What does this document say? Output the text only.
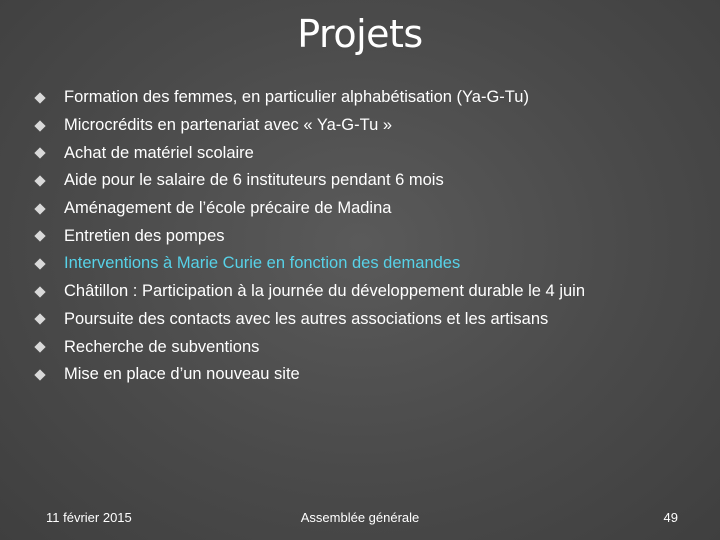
Projets
Formation des femmes, en particulier alphabétisation (Ya-G-Tu)
Microcrédits en partenariat avec « Ya-G-Tu »
Achat de matériel scolaire
Aide pour le salaire de 6 instituteurs pendant 6 mois
Aménagement de l’école précaire de Madina
Entretien des pompes
Interventions à Marie Curie en fonction des demandes
Châtillon : Participation à la journée du développement durable le 4 juin
Poursuite des contacts avec les autres associations et les artisans
Recherche de subventions
Mise en place d’un nouveau site
11 février 2015	Assemblée générale	49
